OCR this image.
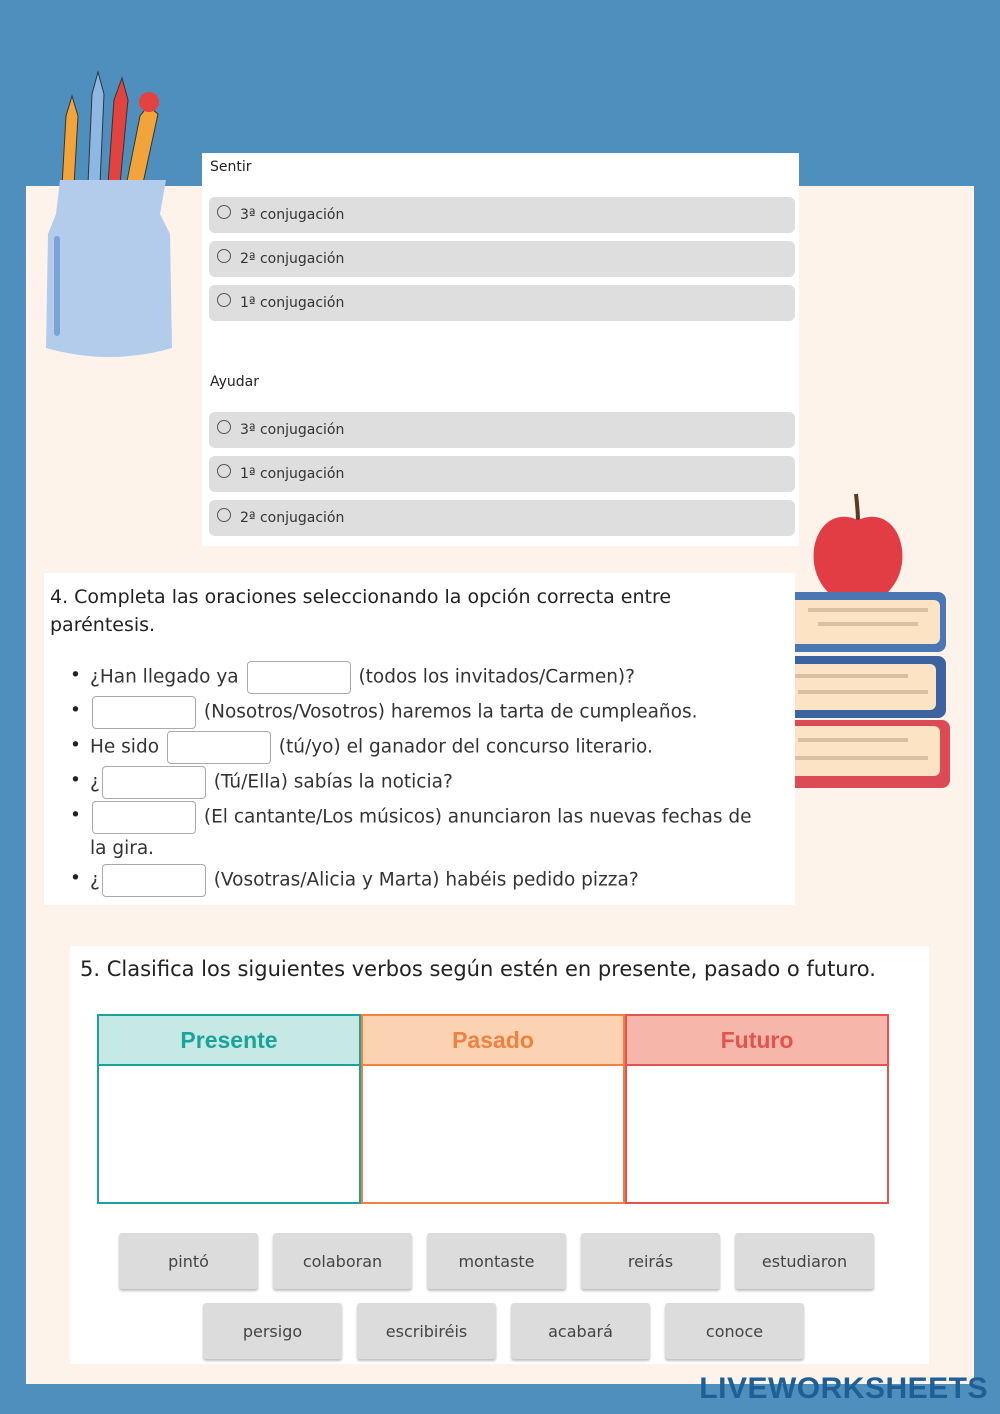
Sentir
3ª conjugación
2ª conjugación
1ª conjugación
Ayudar
3ª conjugación
1ª conjugación
2ª conjugación
4. Completa las oraciones seleccionando la opción correcta entre paréntesis.
• ¿Han llegado ya	(todos los invitados/Carmen)?
• (Nosotros/Vosotros) haremos la tarta de cumpleaños.
• He sido	(tú/yo) el ganador del concurso literario.
• ¿	(Tú/Ella) sabías la noticia?
• (El cantante/Los músicos) anunciaron las nuevas fechas de la gira.
• ¿	(Vosotras/Alicia y Marta) habéis pedido pizza?
5. Clasifica los siguientes verbos según estén en presente, pasado o futuro.
Presente	Pasado	Futuro
pintó	colaboran	montaste	reirás	estudiaron
persigo	escribiréis	acabará	conoce
LIVEWORKSHEETS
